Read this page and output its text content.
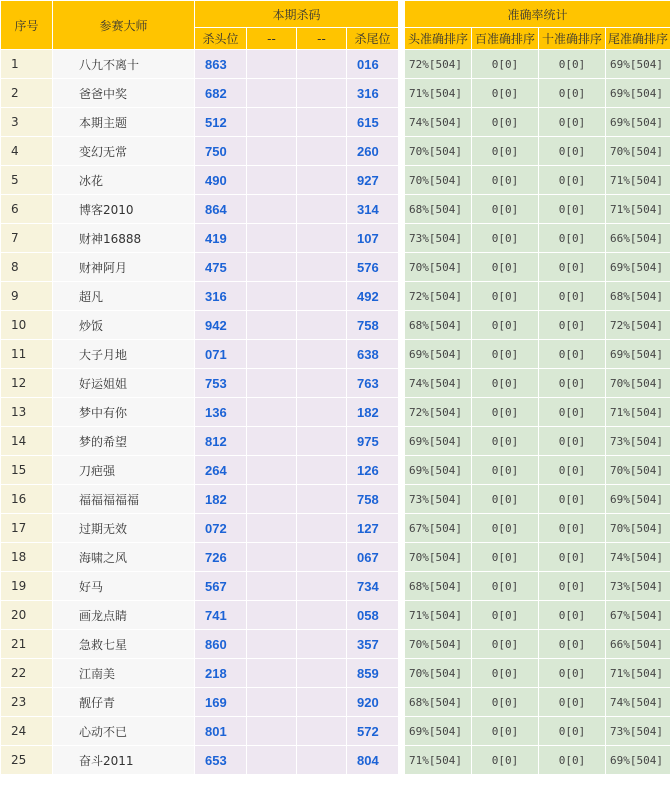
序号	参赛大师	本期杀码					准确率统计			
		杀头位	--	--	杀尾位		头准确排序	百准确排序	十准确排序	尾准确排序
1	八九不离十	863			016		72%[504]	0[0]	0[0]	69%[504]
2	爸爸中奖	682			316		71%[504]	0[0]	0[0]	69%[504]
3	本期主题	512			615		74%[504]	0[0]	0[0]	69%[504]
4	变幻无常	750			260		70%[504]	0[0]	0[0]	70%[504]
5	冰花	490			927		70%[504]	0[0]	0[0]	71%[504]
6	博客2010	864			314		68%[504]	0[0]	0[0]	71%[504]
7	财神16888	419			107		73%[504]	0[0]	0[0]	66%[504]
8	财神阿月	475			576		70%[504]	0[0]	0[0]	69%[504]
9	超凡	316			492		72%[504]	0[0]	0[0]	68%[504]
10	炒饭	942			758		68%[504]	0[0]	0[0]	72%[504]
11	大子月地	071			638		69%[504]	0[0]	0[0]	69%[504]
12	好运姐姐	753			763		74%[504]	0[0]	0[0]	70%[504]
13	梦中有你	136			182		72%[504]	0[0]	0[0]	71%[504]
14	梦的希望	812			975		69%[504]	0[0]	0[0]	73%[504]
15	刀疤强	264			126		69%[504]	0[0]	0[0]	70%[504]
16	福福福福福	182			758		73%[504]	0[0]	0[0]	69%[504]
17	过期无效	072			127		67%[504]	0[0]	0[0]	70%[504]
18	海啸之风	726			067		70%[504]	0[0]	0[0]	74%[504]
19	好马	567			734		68%[504]	0[0]	0[0]	73%[504]
20	画龙点睛	741			058		71%[504]	0[0]	0[0]	67%[504]
21	急救七星	860			357		70%[504]	0[0]	0[0]	66%[504]
22	江南美	218			859		70%[504]	0[0]	0[0]	71%[504]
23	靓仔青	169			920		68%[504]	0[0]	0[0]	74%[504]
24	心动不已	801			572		69%[504]	0[0]	0[0]	73%[504]
25	奋斗2011	653			804		71%[504]	0[0]	0[0]	69%[504]
